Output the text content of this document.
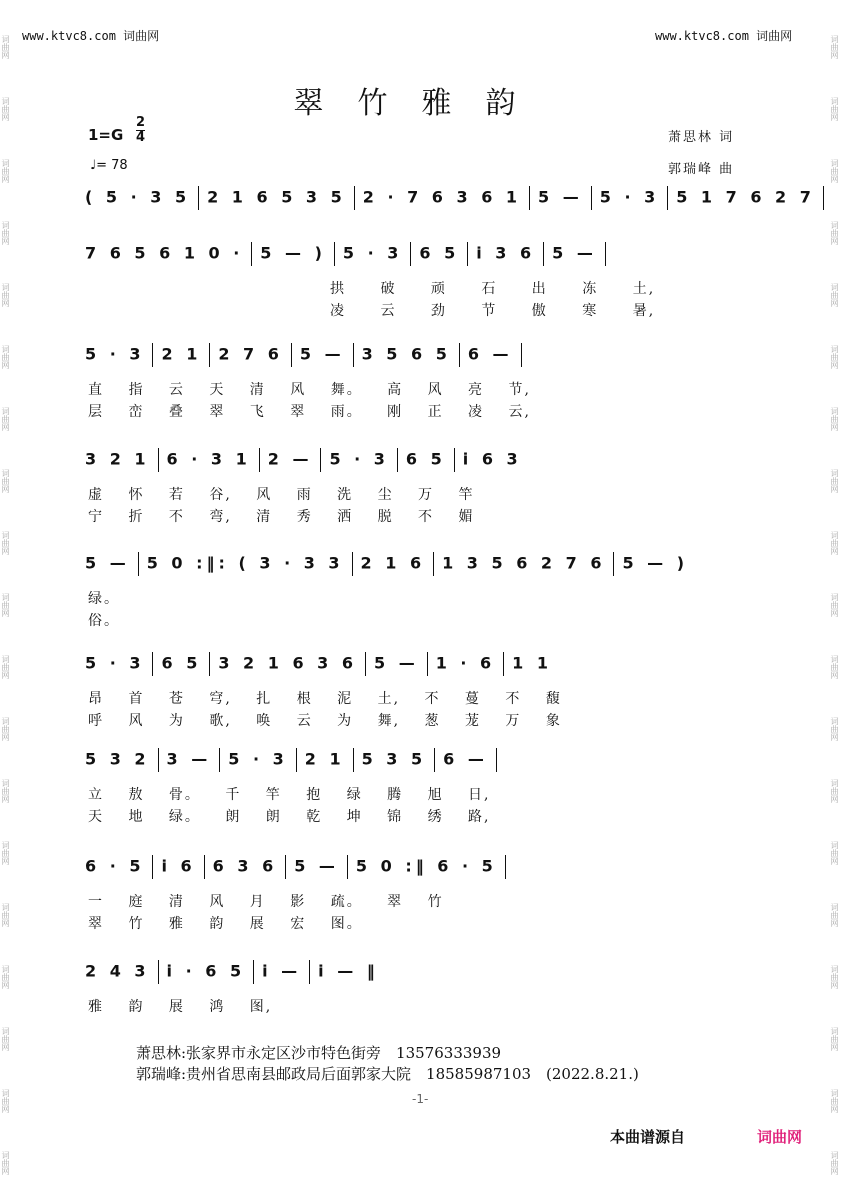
词曲网
词曲网
词曲网
词曲网
词曲网
词曲网
词曲网
词曲网
词曲网
词曲网
词曲网
词曲网
词曲网
词曲网
词曲网
词曲网
词曲网
词曲网
词曲网
词曲网
词曲网
词曲网
词曲网
词曲网
词曲网
词曲网
词曲网
词曲网
词曲网
词曲网
词曲网
词曲网
词曲网
词曲网
词曲网
词曲网
词曲网
词曲网
www.ktvc8.com 词曲网	www.ktvc8.com 词曲网
翠竹雅韵
1=G
2
4
♩= 78
萧思林 词
郭瑞峰 曲
( 5 · 3 5 2 1 6 5 3 5 2 · 7 6 3 6 1 5 — 5 · 3 5 1 7 6 2 7
7 6 5 6 1 0 · 5 — ) 5 · 3 6 5 i 3 6 5 —
拱 破 顽 石 出 冻 土,
凌 云 劲 节 傲 寒 暑,
5 · 3 2 1 2 7 6 5 — 3 5 6 5 6 —
直 指 云 天 清 风 舞。 高 风 亮 节,
层 峦 叠 翠 飞 翠 雨。 刚 正 凌 云,
3 2 1 6 · 3 1 2 — 5 · 3 6 5 i 6 3
虚 怀 若 谷, 风 雨 洗 尘 万 竿
宁 折 不 弯, 清 秀 洒 脱 不 媚
5 — 5 0 :‖: ( 3 · 3 3 2 1 6 1 3 5 6 2 7 6 5 — )
绿。
俗。
5 · 3 6 5 3 2 1 6 3 6 5 — 1 · 6 1 1
昂 首 苍 穹, 扎 根 泥 土, 不 蔓 不 馥
呼 风 为 歌, 唤 云 为 舞, 葱 茏 万 象
5 3 2 3 — 5 · 3 2 1 5 3 5 6 —
立 敖 骨。 千 竿 抱 绿 腾 旭 日,
天 地 绿。 朗 朗 乾 坤 锦 绣 路,
6 · 5 i 6 6 3 6 5 — 5 0 :‖ 6 · 5
一 庭 清 风 月 影 疏。 翠 竹
翠 竹 雅 韵 展 宏 图。
2 4 3 i · 6 5 i — i — ‖
雅 韵 展 鸿 图,
萧思林:张家界市永定区沙市特色街旁　13576333939
郭瑞峰:贵州省思南县邮政局后面郭家大院　18585987103　(2022.8.21.)
-1-
本曲谱源自	词曲网
